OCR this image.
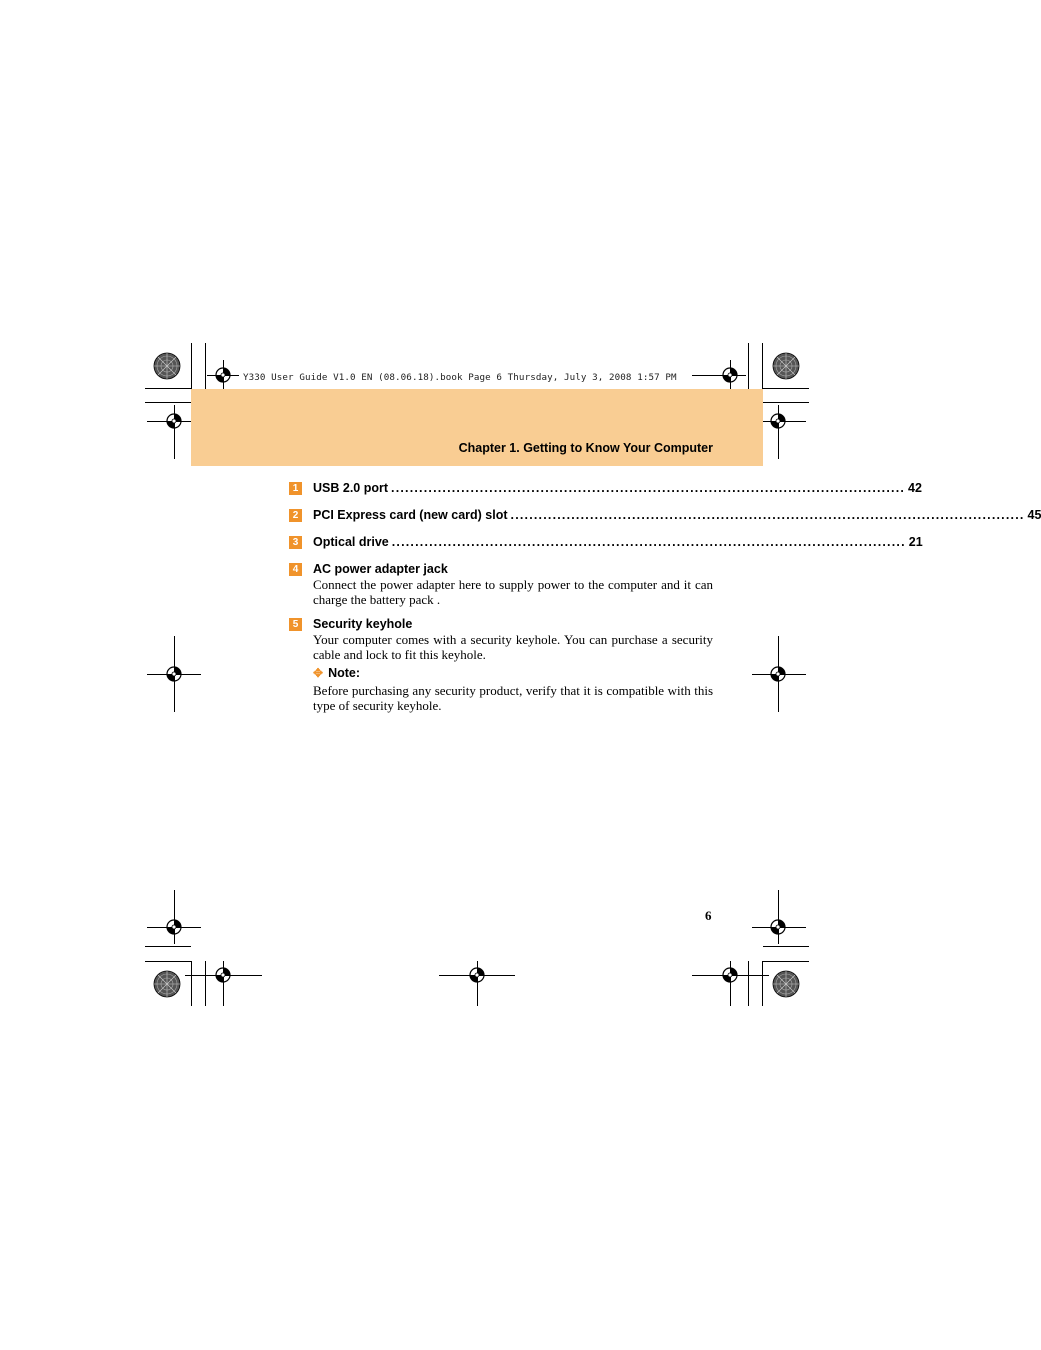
Y330 User Guide V1.0 EN (08.06.18).book Page 6 Thursday, July 3, 2008 1:57 PM
Chapter 1. Getting to Know Your Computer
1 USB 2.0 port .............................................................................................................. 42
2 PCI Express card (new card) slot .............................................................................................................. 45
3 Optical drive .............................................................................................................. 21
4 AC power adapter jack
Connect the power adapter here to supply power to the computer and it can charge the battery pack .
5 Security keyhole
Your computer comes with a security keyhole. You can purchase a security cable and lock to fit this keyhole.
✥ Note:
Before purchasing any security product, verify that it is compatible with this type of security keyhole.
6
